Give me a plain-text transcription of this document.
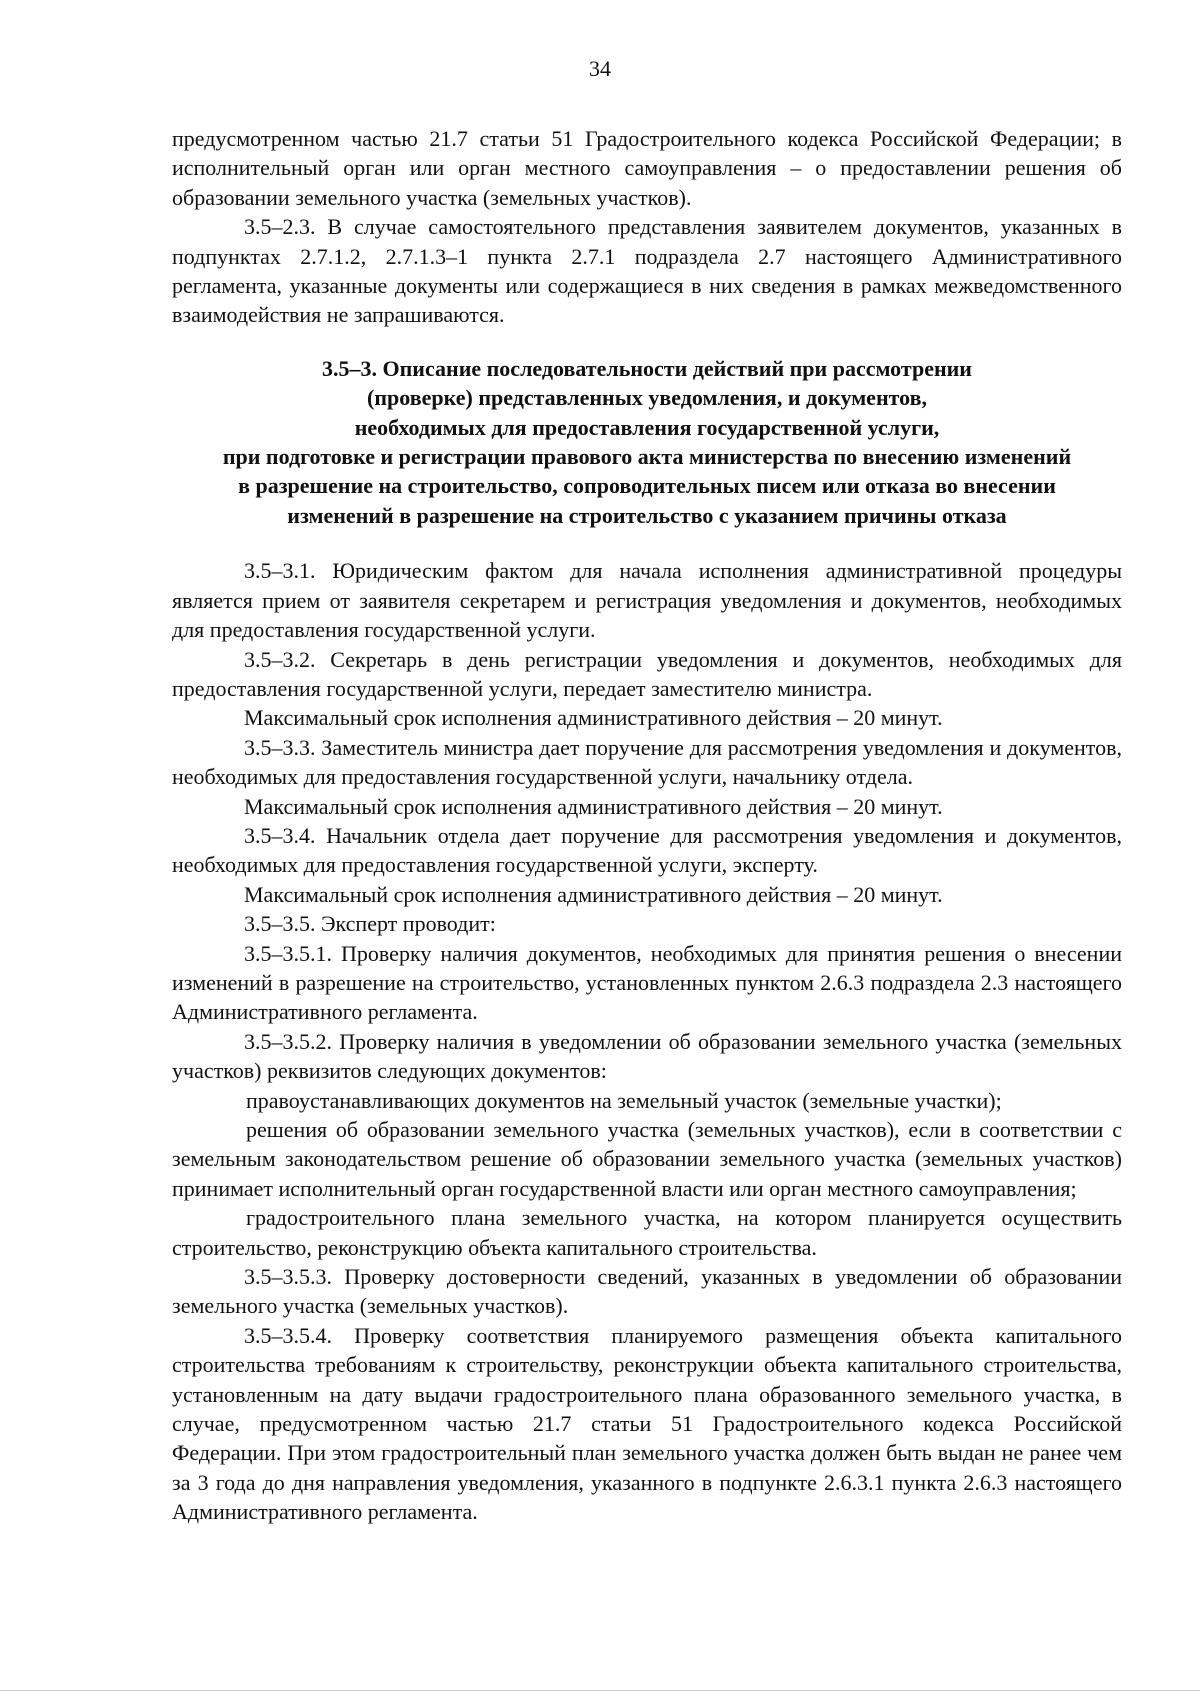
34

предусмотренном частью 21.7 статьи 51 Градостроительного кодекса Российской Федерации; в исполнительный орган или орган местного самоуправления – о предоставлении решения об образовании земельного участка (земельных участков).

3.5–2.3. В случае самостоятельного представления заявителем документов, указанных в подпунктах 2.7.1.2, 2.7.1.3–1 пункта 2.7.1 подраздела 2.7 настоящего Административного регламента, указанные документы или содержащиеся в них сведения в рамках межведомственного взаимодействия не запрашиваются.

3.5–3. Описание последовательности действий при рассмотрении
(проверке) представленных уведомления, и документов,
необходимых для предоставления государственной услуги,
при подготовке и регистрации правового акта министерства по внесению изменений
в разрешение на строительство, сопроводительных писем или отказа во внесении
изменений в разрешение на строительство с указанием причины отказа

3.5–3.1. Юридическим фактом для начала исполнения административной процедуры является прием от заявителя секретарем и регистрация уведомления и документов, необходимых для предоставления государственной услуги.

3.5–3.2. Секретарь в день регистрации уведомления и документов, необходимых для предоставления государственной услуги, передает заместителю министра.

Максимальный срок исполнения административного действия – 20 минут.

3.5–3.3. Заместитель министра дает поручение для рассмотрения уведомления и документов, необходимых для предоставления государственной услуги, начальнику отдела.

Максимальный срок исполнения административного действия – 20 минут.

3.5–3.4. Начальник отдела дает поручение для рассмотрения уведомления и документов, необходимых для предоставления государственной услуги, эксперту.

Максимальный срок исполнения административного действия – 20 минут.

3.5–3.5. Эксперт проводит:

3.5–3.5.1. Проверку наличия документов, необходимых для принятия решения о внесении изменений в разрешение на строительство, установленных пунктом 2.6.3 подраздела 2.3 настоящего Административного регламента.

3.5–3.5.2. Проверку наличия в уведомлении об образовании земельного участка (земельных участков) реквизитов следующих документов:

правоустанавливающих документов на земельный участок (земельные участки);

решения об образовании земельного участка (земельных участков), если в соответствии с земельным законодательством решение об образовании земельного участка (земельных участков) принимает исполнительный орган государственной власти или орган местного самоуправления;

градостроительного плана земельного участка, на котором планируется осуществить строительство, реконструкцию объекта капитального строительства.

3.5–3.5.3. Проверку достоверности сведений, указанных в уведомлении об образовании земельного участка (земельных участков).

3.5–3.5.4. Проверку соответствия планируемого размещения объекта капитального строительства требованиям к строительству, реконструкции объекта капитального строительства, установленным на дату выдачи градостроительного плана образованного земельного участка, в случае, предусмотренном частью 21.7 статьи 51 Градостроительного кодекса Российской Федерации. При этом градостроительный план земельного участка должен быть выдан не ранее чем за 3 года до дня направления уведомления, указанного в подпункте 2.6.3.1 пункта 2.6.3 настоящего Административного регламента.
